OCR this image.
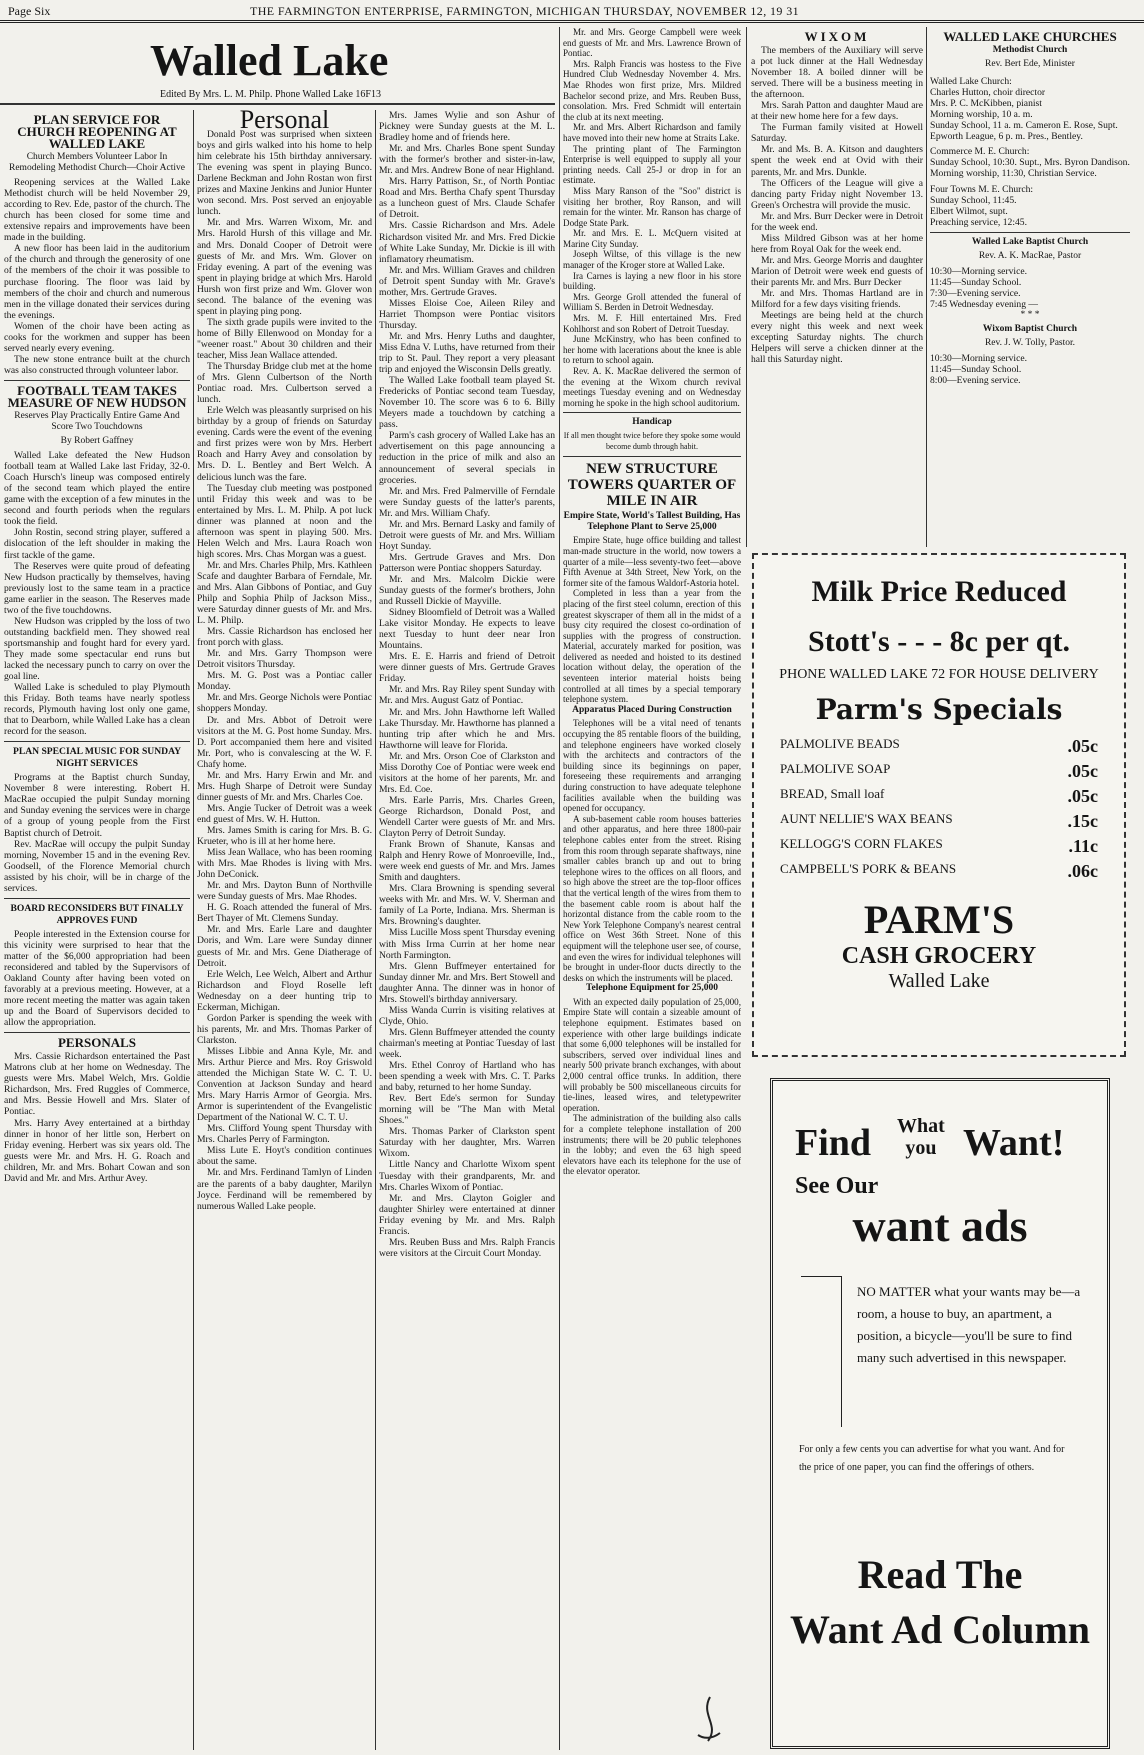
Page Six	THE FARMINGTON ENTERPRISE, FARMINGTON, MICHIGAN THURSDAY, NOVEMBER 12, 19 31
Walled Lake
Edited By Mrs. L. M. Philp. Phone Walled Lake 16F13
PLAN SERVICE FOR CHURCH REOPENING AT WALLED LAKE
Church Members Volunteer Labor In Remodeling Methodist Church—Choir Active

Reopening services at the Walled Lake Methodist church will be held November 29, according to Rev. Ede, pastor of the church. The church has been closed for some time and extensive repairs and improvements have been made in the building.

A new floor has been laid in the auditorium of the church and through the generosity of one of the members of the choir it was possible to purchase flooring. The floor was laid by members of the choir and church and numerous men in the village donated their services during the evenings.

Women of the choir have been acting as cooks for the workmen and supper has been served nearly every evening.

The new stone entrance built at the church was also constructed through volunteer labor.

FOOTBALL TEAM TAKES MEASURE OF NEW HUDSON
Reserves Play Practically Entire Game And Score Two Touchdowns
By Robert Gaffney

Walled Lake defeated the New Hudson football team at Walled Lake last Friday, 32-0. Coach Hursch's lineup was composed entirely of the second team which played the entire game with the exception of a few minutes in the second and fourth periods when the regulars took the field.

John Rostin, second string player, suffered a dislocation of the left shoulder in making the first tackle of the game.

The Reserves were quite proud of defeating New Hudson practically by themselves, having previously lost to the same team in a practice game earlier in the season. The Reserves made two of the five touchdowns.

New Hudson was crippled by the loss of two outstanding backfield men. They showed real sportsmanship and fought hard for every yard. They made some spectacular end runs but lacked the necessary punch to carry on over the goal line.

Walled Lake is scheduled to play Plymouth this Friday. Both teams have nearly spotless records, Plymouth having lost only one game, that to Dearborn, while Walled Lake has a clean record for the season.

PLAN SPECIAL MUSIC FOR SUNDAY NIGHT SERVICES

Programs at the Baptist church Sunday, November 8 were interesting. Robert H. MacRae occupied the pulpit Sunday morning and Sunday evening the services were in charge of a group of young people from the First Baptist church of Detroit.

Rev. MacRae will occupy the pulpit Sunday morning, November 15 and in the evening Rev. Goodsell, of the Florence Memorial church assisted by his choir, will be in charge of the services.

BOARD RECONSIDERS BUT FINALLY APPROVES FUND

People interested in the Extension course for this vicinity were surprised to hear that the matter of the $6,000 appropriation had been reconsidered and tabled by the Supervisors of Oakland County after having been voted on favorably at a previous meeting. However, at a more recent meeting the matter was again taken up and the Board of Supervisors decided to allow the appropriation.

PERSONALS

Mrs. Cassie Richardson entertained the Past Matrons club at her home on Wednesday. The guests were Mrs. Mabel Welch, Mrs. Goldie Richardson, Mrs. Fred Ruggles of Commerce, and Mrs. Bessie Howell and Mrs. Slater of Pontiac.

Mrs. Harry Avey entertained at a birthday dinner in honor of her little son, Herbert on Friday evening. Herbert was six years old. The guests were Mr. and Mrs. H. G. Roach and children, Mr. and Mrs. Bohart Cowan and son David and Mr. and Mrs. Arthur Avey.

Personal

Donald Post was surprised when sixteen boys and girls walked into his home to help him celebrate his 15th birthday anniversary. The evening was spent in playing Bunco. Darlene Beckman and John Rostan won first prizes and Maxine Jenkins and Junior Hunter won second. Mrs. Post served an enjoyable lunch.

Mr. and Mrs. Warren Wixom, Mr. and Mrs. Harold Hursh of this village and Mr. and Mrs. Donald Cooper of Detroit were guests of Mr. and Mrs. Wm. Glover on Friday evening. A part of the evening was spent in playing bridge at which Mrs. Harold Hursh won first prize and Wm. Glover won second. The balance of the evening was spent in playing ping pong.

The sixth grade pupils were invited to the home of Billy Ellenwood on Monday for a "weener roast." About 30 children and their teacher, Miss Jean Wallace attended.

The Thursday Bridge club met at the home of Mrs. Glenn Culbertson of the North Pontiac road. Mrs. Culbertson served a lunch.

Erle Welch was pleasantly surprised on his birthday by a group of friends on Saturday evening. Cards were the event of the evening and first prizes were won by Mrs. Herbert Roach and Harry Avey and consolation by Mrs. D. L. Bentley and Bert Welch. A delicious lunch was the fare.

The Tuesday club meeting was postponed until Friday this week and was to be entertained by Mrs. L. M. Philp. A pot luck dinner was planned at noon and the afternoon was spent in playing 500. Mrs. Helen Welch and Mrs. Laura Roach won high scores. Mrs. Chas Morgan was a guest.

Mr. and Mrs. Charles Philp, Mrs. Kathleen Scafe and daughter Barbara of Ferndale, Mr. and Mrs. Alan Gibbons of Pontiac, and Guy Philp and Sophia Philp of Jackson Miss., were Saturday dinner guests of Mr. and Mrs. L. M. Philp.

Mrs. Cassie Richardson has enclosed her front porch with glass.

Mr. and Mrs. Garry Thompson were Detroit visitors Thursday.

Mrs. M. G. Post was a Pontiac caller Monday.

Mr. and Mrs. George Nichols were Pontiac shoppers Monday.

Dr. and Mrs. Abbot of Detroit were visitors at the M. G. Post home Sunday. Mrs. D. Port accompanied them here and visited Mr. Port, who is convalescing at the W. F. Chafy home.

Mr. and Mrs. Harry Erwin and Mr. and Mrs. Hugh Sharpe of Detroit were Sunday dinner guests of Mr. and Mrs. Charles Coe.

Mrs. Angie Tucker of Detroit was a week end guest of Mrs. W. H. Hutton.

Mrs. James Smith is caring for Mrs. B. G. Krueter, who is ill at her home here.

Miss Jean Wallace, who has been rooming with Mrs. Mae Rhodes is living with Mrs. John DeConick.

Mr. and Mrs. Dayton Bunn of Northville were Sunday guests of Mrs. Mae Rhodes.

H. G. Roach attended the funeral of Mrs. Bert Thayer of Mt. Clemens Sunday.

Mr. and Mrs. Earle Lare and daughter Doris, and Wm. Lare were Sunday dinner guests of Mr. and Mrs. Gene Diatherage of Detroit.

Erle Welch, Lee Welch, Albert and Arthur Richardson and Floyd Roselle left Wednesday on a deer hunting trip to Eckerman, Michigan.

Gordon Parker is spending the week with his parents, Mr. and Mrs. Thomas Parker of Clarkston.

Misses Libbie and Anna Kyle, Mr. and Mrs. Arthur Pierce and Mrs. Roy Griswold attended the Michigan State W. C. T. U. Convention at Jackson Sunday and heard Mrs. Mary Harris Armor of Georgia. Mrs. Armor is superintendent of the Evangelistic Department of the National W. C. T. U.

Mrs. Clifford Young spent Thursday with Mrs. Charles Perry of Farmington.

Miss Lute E. Hoyt's condition continues about the same.

Mr. and Mrs. Ferdinand Tamlyn of Linden are the parents of a baby daughter, Marilyn Joyce. Ferdinand will be remembered by numerous Walled Lake people.

Mrs. James Wylie and son Ashur of Pickney were Sunday guests at the M. L. Bradley home and of friends here.

Mr. and Mrs. Charles Bone spent Sunday with the former's brother and sister-in-law, Mr. and Mrs. Andrew Bone of near Highland.

Mrs. Harry Pattison, Sr., of North Pontiac Road and Mrs. Bertha Chafy spent Thursday as a luncheon guest of Mrs. Claude Schafer of Detroit.

Mrs. Cassie Richardson and Mrs. Adele Richardson visited Mr. and Mrs. Fred Dickie of White Lake Sunday, Mr. Dickie is ill with inflamatory rheumatism.

Mr. and Mrs. William Graves and children of Detroit spent Sunday with Mr. Grave's mother, Mrs. Gertrude Graves.

Misses Eloise Coe, Aileen Riley and Harriet Thompson were Pontiac visitors Thursday.

Mr. and Mrs. Henry Luths and daughter, Miss Edna V. Luths, have returned from their trip to St. Paul. They report a very pleasant trip and enjoyed the Wisconsin Dells greatly.

The Walled Lake football team played St. Fredericks of Pontiac second team Tuesday, November 10. The score was 6 to 6. Billy Meyers made a touchdown by catching a pass.

Parm's cash grocery of Walled Lake has an advertisement on this page announcing a reduction in the price of milk and also an announcement of several specials in groceries.

Mr. and Mrs. Fred Palmerville of Ferndale were Sunday guests of the latter's parents, Mr. and Mrs. William Chafy.

Mr. and Mrs. Bernard Lasky and family of Detroit were guests of Mr. and Mrs. William Hoyt Sunday.

Mrs. Gertrude Graves and Mrs. Don Patterson were Pontiac shoppers Saturday.

Mr. and Mrs. Malcolm Dickie were Sunday guests of the former's brothers, John and Russell Dickie of Mayville.

Sidney Bloomfield of Detroit was a Walled Lake visitor Monday. He expects to leave next Tuesday to hunt deer near Iron Mountains.

Mrs. E. E. Harris and friend of Detroit were dinner guests of Mrs. Gertrude Graves Friday.

Mr. and Mrs. Ray Riley spent Sunday with Mr. and Mrs. August Gatz of Pontiac.

Mr. and Mrs. John Hawthorne left Walled Lake Thursday. Mr. Hawthorne has planned a hunting trip after which he and Mrs. Hawthorne will leave for Florida.

Mr. and Mrs. Orson Coe of Clarkston and Miss Dorothy Coe of Pontiac were week end visitors at the home of her parents, Mr. and Mrs. Ed. Coe.

Mrs. Earle Parris, Mrs. Charles Green, George Richardson, Donald Post, and Wendell Carter were guests of Mr. and Mrs. Clayton Perry of Detroit Sunday.

Frank Brown of Shanute, Kansas and Ralph and Henry Rowe of Monroeville, Ind., were week end guests of Mr. and Mrs. James Smith and daughters.

Mrs. Clara Browning is spending several weeks with Mr. and Mrs. W. V. Sherman and family of La Porte, Indiana. Mrs. Sherman is Mrs. Browning's daughter.

Miss Lucille Moss spent Thursday evening with Miss Irma Currin at her home near North Farmington.

Mrs. Glenn Buffmeyer entertained for Sunday dinner Mr. and Mrs. Bert Stowell and daughter Anna. The dinner was in honor of Mrs. Stowell's birthday anniversary.

Miss Wanda Currin is visiting relatives at Clyde, Ohio.

Mrs. Glenn Buffmeyer attended the county chairman's meeting at Pontiac Tuesday of last week.

Mrs. Ethel Conroy of Hartland who has been spending a week with Mrs. C. T. Parks and baby, returned to her home Sunday.

Rev. Bert Ede's sermon for Sunday morning will be "The Man with Metal Shoes."

Mrs. Thomas Parker of Clarkston spent Saturday with her daughter, Mrs. Warren Wixom.

Little Nancy and Charlotte Wixom spent Tuesday with their grandparents, Mr. and Mrs. Charles Wixom of Pontiac.

Mr. and Mrs. Clayton Goigler and daughter Shirley were entertained at dinner Friday evening by Mr. and Mrs. Ralph Francis.

Mrs. Reuben Buss and Mrs. Ralph Francis were visitors at the Circuit Court Monday.

Mr. and Mrs. George Campbell were week end guests of Mr. and Mrs. Lawrence Brown of Pontiac.

Mrs. Ralph Francis was hostess to the Five Hundred Club Wednesday November 4. Mrs. Mae Rhodes won first prize, Mrs. Mildred Bachelor second prize, and Mrs. Reuben Buss, consolation. Mrs. Fred Schmidt will entertain the club at its next meeting.

Mr. and Mrs. Albert Richardson and family have moved into their new home at Straits Lake.

The printing plant of The Farmington Enterprise is well equipped to supply all your printing needs. Call 25-J or drop in for an estimate.

Miss Mary Ranson of the "Soo" district is visiting her brother, Roy Ranson, and will remain for the winter. Mr. Ranson has charge of Dodge State Park.

Mr. and Mrs. E. L. McQuern visited at Marine City Sunday.

Joseph Wiltse, of this village is the new manager of the Kroger store at Walled Lake.

Ira Carnes is laying a new floor in his store building.

Mrs. George Groll attended the funeral of William S. Berden in Detroit Wednesday.

Mrs. M. F. Hill entertained Mrs. Fred Kohlhorst and son Robert of Detroit Tuesday.

June McKinstry, who has been confined to her home with lacerations about the knee is able to return to school again.

Rev. A. K. MacRae delivered the sermon of the evening at the Wixom church revival meetings Tuesday evening and on Wednesday morning he spoke in the high school auditorium.

Handicap
If all men thought twice before they spoke some would become dumb through habit.
NEW STRUCTURE TOWERS QUARTER OF MILE IN AIR
Empire State, World's Tallest Building, Has Telephone Plant to Serve 25,000

Empire State, huge office building and tallest man-made structure in the world, now towers a quarter of a mile—less seventy-two feet—above Fifth Avenue at 34th Street, New York, on the former site of the famous Waldorf-Astoria hotel.

Completed in less than a year from the placing of the first steel column, erection of this greatest skyscraper of them all in the midst of a busy city required the closest co-ordination of supplies with the progress of construction. Material, accurately marked for position, was delivered as needed and hoisted to its destined location without delay, the operation of the seventeen interior material hoists being controlled at all times by a special temporary telephone system.

Apparatus Placed During Construction

Telephones will be a vital need of tenants occupying the 85 rentable floors of the building, and telephone engineers have worked closely with the architects and contractors of the building since its beginnings on paper, foreseeing these requirements and arranging during construction to have adequate telephone facilities available when the building was opened for occupancy.

A sub-basement cable room houses batteries and other apparatus, and here three 1800-pair telephone cables enter from the street. Rising from this room through separate shaftways, nine smaller cables branch up and out to bring telephone wires to the offices on all floors, and so high above the street are the top-floor offices that the vertical length of the wires from them to the basement cable room is about half the horizontal distance from the cable room to the New York Telephone Company's nearest central office on West 36th Street. None of this equipment will the telephone user see, of course, and even the wires for individual telephones will be brought in under-floor ducts directly to the desks on which the instruments will be placed.

Telephone Equipment for 25,000

With an expected daily population of 25,000, Empire State will contain a sizeable amount of telephone equipment. Estimates based on experience with other large buildings indicate that some 6,000 telephones will be installed for subscribers, served over individual lines and nearly 500 private branch exchanges, with about 2,000 central office trunks. In addition, there will probably be 500 miscellaneous circuits for tie-lines, leased wires, and teletypewriter operation.

The administration of the building also calls for a complete telephone installation of 200 instruments; there will be 20 public telephones in the lobby; and even the 63 high speed elevators have each its telephone for the use of the elevator operator.

WIXOM

The members of the Auxiliary will serve a pot luck dinner at the Hall Wednesday November 18. A boiled dinner will be served. There will be a business meeting in the afternoon.

Mrs. Sarah Patton and daughter Maud are at their new home here for a few days.

The Furman family visited at Howell Saturday.

Mr. and Ms. B. A. Kitson and daughters spent the week end at Ovid with their parents, Mr. and Mrs. Dunkle.

The Officers of the League will give a dancing party Friday night November 13. Green's Orchestra will provide the music.

Mr. and Mrs. Burr Decker were in Detroit for the week end.

Miss Mildred Gibson was at her home here from Royal Oak for the week end.

Mr. and Mrs. George Morris and daughter Marion of Detroit were week end guests of their parents Mr. and Mrs. Burr Decker

Mr. and Mrs. Thomas Hartland are in Milford for a few days visiting friends.

Meetings are being held at the church every night this week and next week excepting Saturday nights. The church Helpers will serve a chicken dinner at the hall this Saturday night.

WALLED LAKE CHURCHES
Methodist Church
Rev. Bert Ede, Minister
Walled Lake Church:
Charles Hutton, choir director
Mrs. P. C. McKibben, pianist
Morning worship, 10 a. m.
Sunday School, 11 a. m. Cameron E. Rose, Supt.
Epworth League, 6 p. m. Pres., Bentley.
Commerce M. E. Church:
Sunday School, 10:30. Supt., Mrs. Byron Dandison.
Morning worship, 11:30, Christian Service.
Four Towns M. E. Church:
Sunday School, 11:45.
Elbert Wilmot, supt.
Preaching service, 12:45.
Walled Lake Baptist Church
Rev. A. K. MacRae, Pastor
10:30—Morning service.
11:45—Sunday School.
7:30—Evening service.
7:45 Wednesday evening —
* * *
Wixom Baptist Church
Rev. J. W. Tolly, Pastor.
10:30—Morning service.
11:45—Sunday School.
8:00—Evening service.
Milk Price Reduced
Stott's - - - 8c per qt.
PHONE WALLED LAKE 72 FOR HOUSE DELIVERY
Parm's Specials
PALMOLIVE BEADS	.05c
PALMOLIVE SOAP	.05c
BREAD, Small loaf	.05c
AUNT NELLIE'S WAX BEANS	.15c
KELLOGG'S CORN FLAKES	.11c
CAMPBELL'S PORK & BEANS	.06c
PARM'S
CASH GROCERY
Walled Lake
Find What
you Want!
See Our
want ads
NO MATTER what your wants may be—a room, a house to buy, an apartment, a position, a bicycle—you'll be sure to find many such advertised in this newspaper.
For only a few cents you can advertise for what you want. And for the price of one paper, you can find the offerings of others.
Read The
Want Ad Column
